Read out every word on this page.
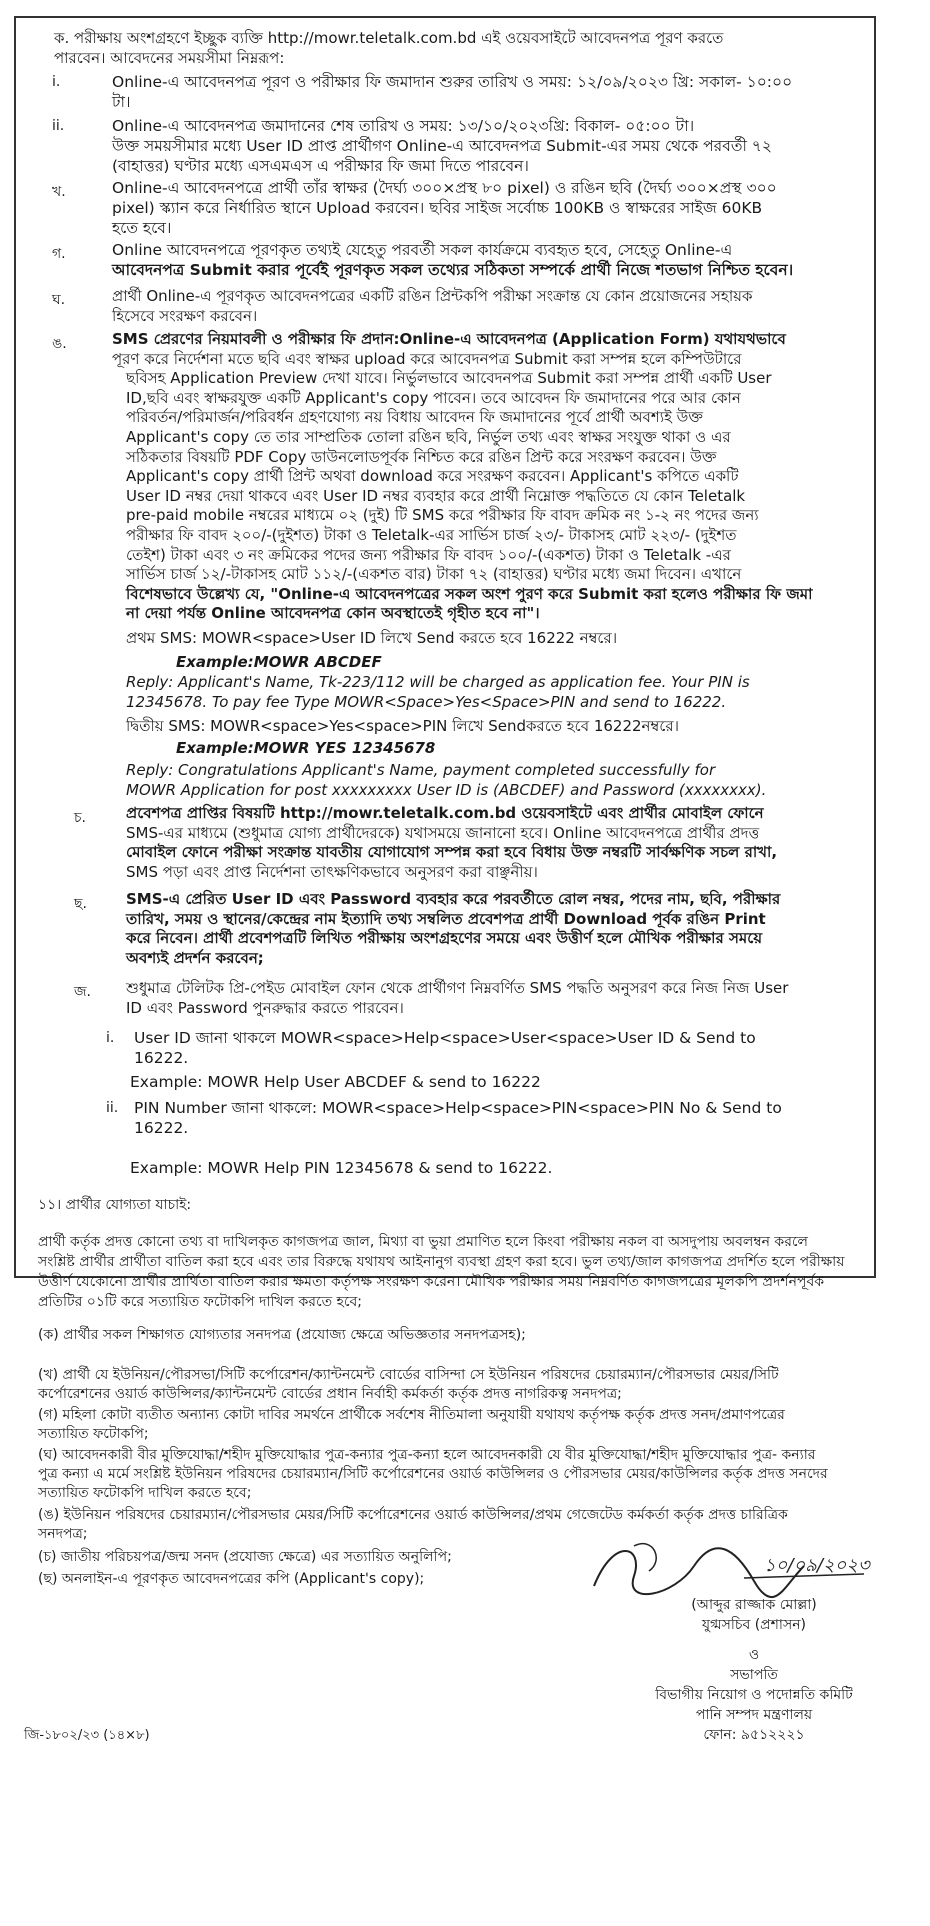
ক. পরীক্ষায় অংশগ্রহণে ইচ্ছুক ব্যক্তি http://mowr.teletalk.com.bd এই ওয়েবসাইটে আবেদনপত্র পূরণ করতে
পারবেন। আবেদনের সময়সীমা নিম্নরূপ:
i.	Online-এ আবেদনপত্র পূরণ ও পরীক্ষার ফি জমাদান শুরুর তারিখ ও সময়: ১২/০৯/২০২৩ খ্রি: সকাল- ১০:০০
টা।
ii.	Online-এ আবেদনপত্র জমাদানের শেষ তারিখ ও সময়: ১৩/১০/২০২৩খ্রি: বিকাল- ০৫:০০ টা।
উক্ত সময়সীমার মধ্যে User ID প্রাপ্ত প্রার্থীগণ Online-এ আবেদনপত্র Submit-এর সময় থেকে পরবর্তী ৭২
(বাহাত্তর) ঘণ্টার মধ্যে এসএমএস এ পরীক্ষার ফি জমা দিতে পারবেন।
খ.	Online-এ আবেদনপত্রে প্রার্থী তাঁর স্বাক্ষর (দৈর্ঘ্য ৩০০×প্রস্থ ৮০ pixel) ও রঙিন ছবি (দৈর্ঘ্য ৩০০×প্রস্থ ৩০০
pixel) স্ক্যান করে নির্ধারিত স্থানে Upload করবেন। ছবির সাইজ সর্বোচ্চ 100KB ও স্বাক্ষরের সাইজ 60KB
হতে হবে।
গ.	Online আবেদনপত্রে পূরণকৃত তথ্যই যেহেতু পরবর্তী সকল কার্যক্রমে ব্যবহৃত হবে, সেহেতু Online-এ
আবেদনপত্র Submit করার পূর্বেই পূরণকৃত সকল তথ্যের সঠিকতা সম্পর্কে প্রার্থী নিজে শতভাগ নিশ্চিত হবেন।
ঘ.	প্রার্থী Online-এ পূরণকৃত আবেদনপত্রের একটি রঙিন প্রিন্টকপি পরীক্ষা সংক্রান্ত যে কোন প্রয়োজনের সহায়ক
হিসেবে সংরক্ষণ করবেন।
ঙ.	SMS প্রেরণের নিয়মাবলী ও পরীক্ষার ফি প্রদান:Online-এ আবেদনপত্র (Application Form) যথাযথভাবে
পূরণ করে নির্দেশনা মতে ছবি এবং স্বাক্ষর upload করে আবেদনপত্র Submit করা সম্পন্ন হলে কম্পিউটারে
ছবিসহ Application Preview দেখা যাবে। নির্ভুলভাবে আবেদনপত্র Submit করা সম্পন্ন প্রার্থী একটি User
ID,ছবি এবং স্বাক্ষরযুক্ত একটি Applicant's copy পাবেন। তবে আবেদন ফি জমাদানের পরে আর কোন
পরিবর্তন/পরিমার্জন/পরিবর্ধন গ্রহণযোগ্য নয় বিধায় আবেদন ফি জমাদানের পূর্বে প্রার্থী অবশ্যই উক্ত
Applicant's copy তে তার সাম্প্রতিক তোলা রঙিন ছবি, নির্ভুল তথ্য এবং স্বাক্ষর সংযুক্ত থাকা ও এর
সঠিকতার বিষয়টি PDF Copy ডাউনলোডপূর্বক নিশ্চিত করে রঙিন প্রিন্ট করে সংরক্ষণ করবেন। উক্ত
Applicant's copy প্রার্থী প্রিন্ট অথবা download করে সংরক্ষণ করবেন। Applicant's কপিতে একটি
User ID নম্বর দেয়া থাকবে এবং User ID নম্বর ব্যবহার করে প্রার্থী নিম্নোক্ত পদ্ধতিতে যে কোন Teletalk
pre-paid mobile নম্বরের মাধ্যমে ০২ (দুই) টি SMS করে পরীক্ষার ফি বাবদ ক্রমিক নং ১-২ নং পদের জন্য
পরীক্ষার ফি বাবদ ২০০/-(দুইশত) টাকা ও Teletalk-এর সার্ভিস চার্জ ২৩/- টাকাসহ মোট ২২৩/- (দুইশত
তেইশ) টাকা এবং ৩ নং ক্রমিকের পদের জন্য পরীক্ষার ফি বাবদ ১০০/-(একশত) টাকা ও Teletalk -এর
সার্ভিস চার্জ ১২/-টাকাসহ মোট ১১২/-(একশত বার) টাকা ৭২ (বাহাত্তর) ঘণ্টার মধ্যে জমা দিবেন। এখানে
বিশেষভাবে উল্লেখ্য যে, "Online-এ আবেদনপত্রের সকল অংশ পুরণ করে Submit করা হলেও পরীক্ষার ফি জমা
না দেয়া পর্যন্ত Online আবেদনপত্র কোন অবস্থাতেই গৃহীত হবে না"।
প্রথম SMS: MOWR<space>User ID লিখে Send করতে হবে 16222 নম্বরে।
Example:MOWR ABCDEF
Reply: Applicant's Name, Tk-223/112 will be charged as application fee. Your PIN is
12345678. To pay fee Type MOWR<Space>Yes<Space>PIN and send to 16222.
দ্বিতীয় SMS: MOWR<space>Yes<space>PIN লিখে Sendকরতে হবে 16222নম্বরে।
Example:MOWR YES 12345678
Reply: Congratulations Applicant's Name, payment completed successfully for
MOWR Application for post xxxxxxxxx User ID is (ABCDEF) and Password (xxxxxxxx).
চ.	প্রবেশপত্র প্রাপ্তির বিষয়টি http://mowr.teletalk.com.bd ওয়েবসাইটে এবং প্রার্থীর মোবাইল ফোনে
SMS-এর মাধ্যমে (শুধুমাত্র যোগ্য প্রার্থীদেরকে) যথাসময়ে জানানো হবে। Online আবেদনপত্রে প্রার্থীর প্রদত্ত
মোবাইল ফোনে পরীক্ষা সংক্রান্ত যাবতীয় যোগাযোগ সম্পন্ন করা হবে বিধায় উক্ত নম্বরটি সার্বক্ষণিক সচল রাখা,
SMS পড়া এবং প্রাপ্ত নির্দেশনা তাৎক্ষণিকভাবে অনুসরণ করা বাঞ্ছনীয়।
ছ.	SMS-এ প্রেরিত User ID এবং Password ব্যবহার করে পরবর্তীতে রোল নম্বর, পদের নাম, ছবি, পরীক্ষার
তারিখ, সময় ও স্থানের/কেন্দ্রের নাম ইত্যাদি তথ্য সম্বলিত প্রবেশপত্র প্রার্থী Download পূর্বক রঙিন Print
করে নিবেন। প্রার্থী প্রবেশপত্রটি লিখিত পরীক্ষায় অংশগ্রহণের সময়ে এবং উত্তীর্ণ হলে মৌখিক পরীক্ষার সময়ে
অবশ্যই প্রদর্শন করবেন;
জ. শুধুমাত্র টেলিটক প্রি-পেইড মোবাইল ফোন থেকে প্রার্থীগণ নিম্নবর্ণিত SMS পদ্ধতি অনুসরণ করে নিজ নিজ User
ID এবং Password পুনরুদ্ধার করতে পারবেন।
i. User ID জানা থাকলে MOWR<space>Help<space>User<space>User ID & Send to
16222.
Example: MOWR Help User ABCDEF & send to 16222
ii. PIN Number জানা থাকলে: MOWR<space>Help<space>PIN<space>PIN No & Send to
16222.
Example: MOWR Help PIN 12345678 & send to 16222.
১১। প্রার্থীর যোগ্যতা যাচাই:
প্রার্থী কর্তৃক প্রদত্ত কোনো তথ্য বা দাখিলকৃত কাগজপত্র জাল, মিথ্যা বা ভুয়া প্রমাণিত হলে কিংবা পরীক্ষায় নকল বা অসদুপায় অবলম্বন করলে
সংশ্লিষ্ট প্রার্থীর প্রার্থীতা বাতিল করা হবে এবং তার বিরুদ্ধে যথাযথ আইনানুগ ব্যবস্থা গ্রহণ করা হবে। ভুল তথ্য/জাল কাগজপত্র প্রদর্শিত হলে পরীক্ষায়
উত্তীর্ণ যেকোনো প্রার্থীর প্রার্থিতা বাতিল করার ক্ষমতা কর্তৃপক্ষ সংরক্ষণ করেন। মৌখিক পরীক্ষার সময় নিম্নবর্ণিত কাগজপত্রের মূলকপি প্রদর্শনপূর্বক
প্রতিটির ০১টি করে সত্যায়িত ফটোকপি দাখিল করতে হবে;
(ক) প্রার্থীর সকল শিক্ষাগত যোগ্যতার সনদপত্র (প্রযোজ্য ক্ষেত্রে অভিজ্ঞতার সনদপত্রসহ);
(খ) প্রার্থী যে ইউনিয়ন/পৌরসভা/সিটি কর্পোরেশন/ক্যান্টনমেন্ট বোর্ডের বাসিন্দা সে ইউনিয়ন পরিষদের চেয়ারম্যান/পৌরসভার মেয়র/সিটি
কর্পোরেশনের ওয়ার্ড কাউন্সিলর/ক্যান্টনমেন্ট বোর্ডের প্রধান নির্বাহী কর্মকর্তা কর্তৃক প্রদত্ত নাগরিকত্ব সনদপত্র;
(গ) মহিলা কোটা ব্যতীত অন্যান্য কোটা দাবির সমর্থনে প্রার্থীকে সর্বশেষ নীতিমালা অনুযায়ী যথাযথ কর্তৃপক্ষ কর্তৃক প্রদত্ত সনদ/প্রমাণপত্রের
সত্যায়িত ফটোকপি;
(ঘ) আবেদনকারী বীর মুক্তিযোদ্ধা/শহীদ মুক্তিযোদ্ধার পুত্র-কন্যার পুত্র-কন্যা হলে আবেদনকারী যে বীর মুক্তিযোদ্ধা/শহীদ মুক্তিযোদ্ধার পুত্র- কন্যার
পুত্র কন্যা এ মর্মে সংশ্লিষ্ট ইউনিয়ন পরিষদের চেয়ারম্যান/সিটি কর্পোরেশনের ওয়ার্ড কাউন্সিলর ও পৌরসভার মেয়র/কাউন্সিলর কর্তৃক প্রদত্ত সনদের
সত্যায়িত ফটোকপি দাখিল করতে হবে;
(ঙ) ইউনিয়ন পরিষদের চেয়ারম্যান/পৌরসভার মেয়র/সিটি কর্পোরেশনের ওয়ার্ড কাউন্সিলর/প্রথম গেজেটেড কর্মকর্তা কর্তৃক প্রদত্ত চারিত্রিক
সনদপত্র;
(চ) জাতীয় পরিচয়পত্র/জন্ম সনদ (প্রযোজ্য ক্ষেত্রে) এর সত্যায়িত অনুলিপি;
(ছ) অনলাইন-এ পূরণকৃত আবেদনপত্রের কপি (Applicant's copy);
১০/০৯/২০২৩
(আব্দুর রাজ্জাক মোল্লা)
যুগ্মসচিব (প্রশাসন)
ও
সভাপতি
বিভাগীয় নিয়োগ ও পদোন্নতি কমিটি
পানি সম্পদ মন্ত্রণালয়
ফোন: ৯৫১২২২১
জি-১৮০২/২৩ (১৪×৮)
